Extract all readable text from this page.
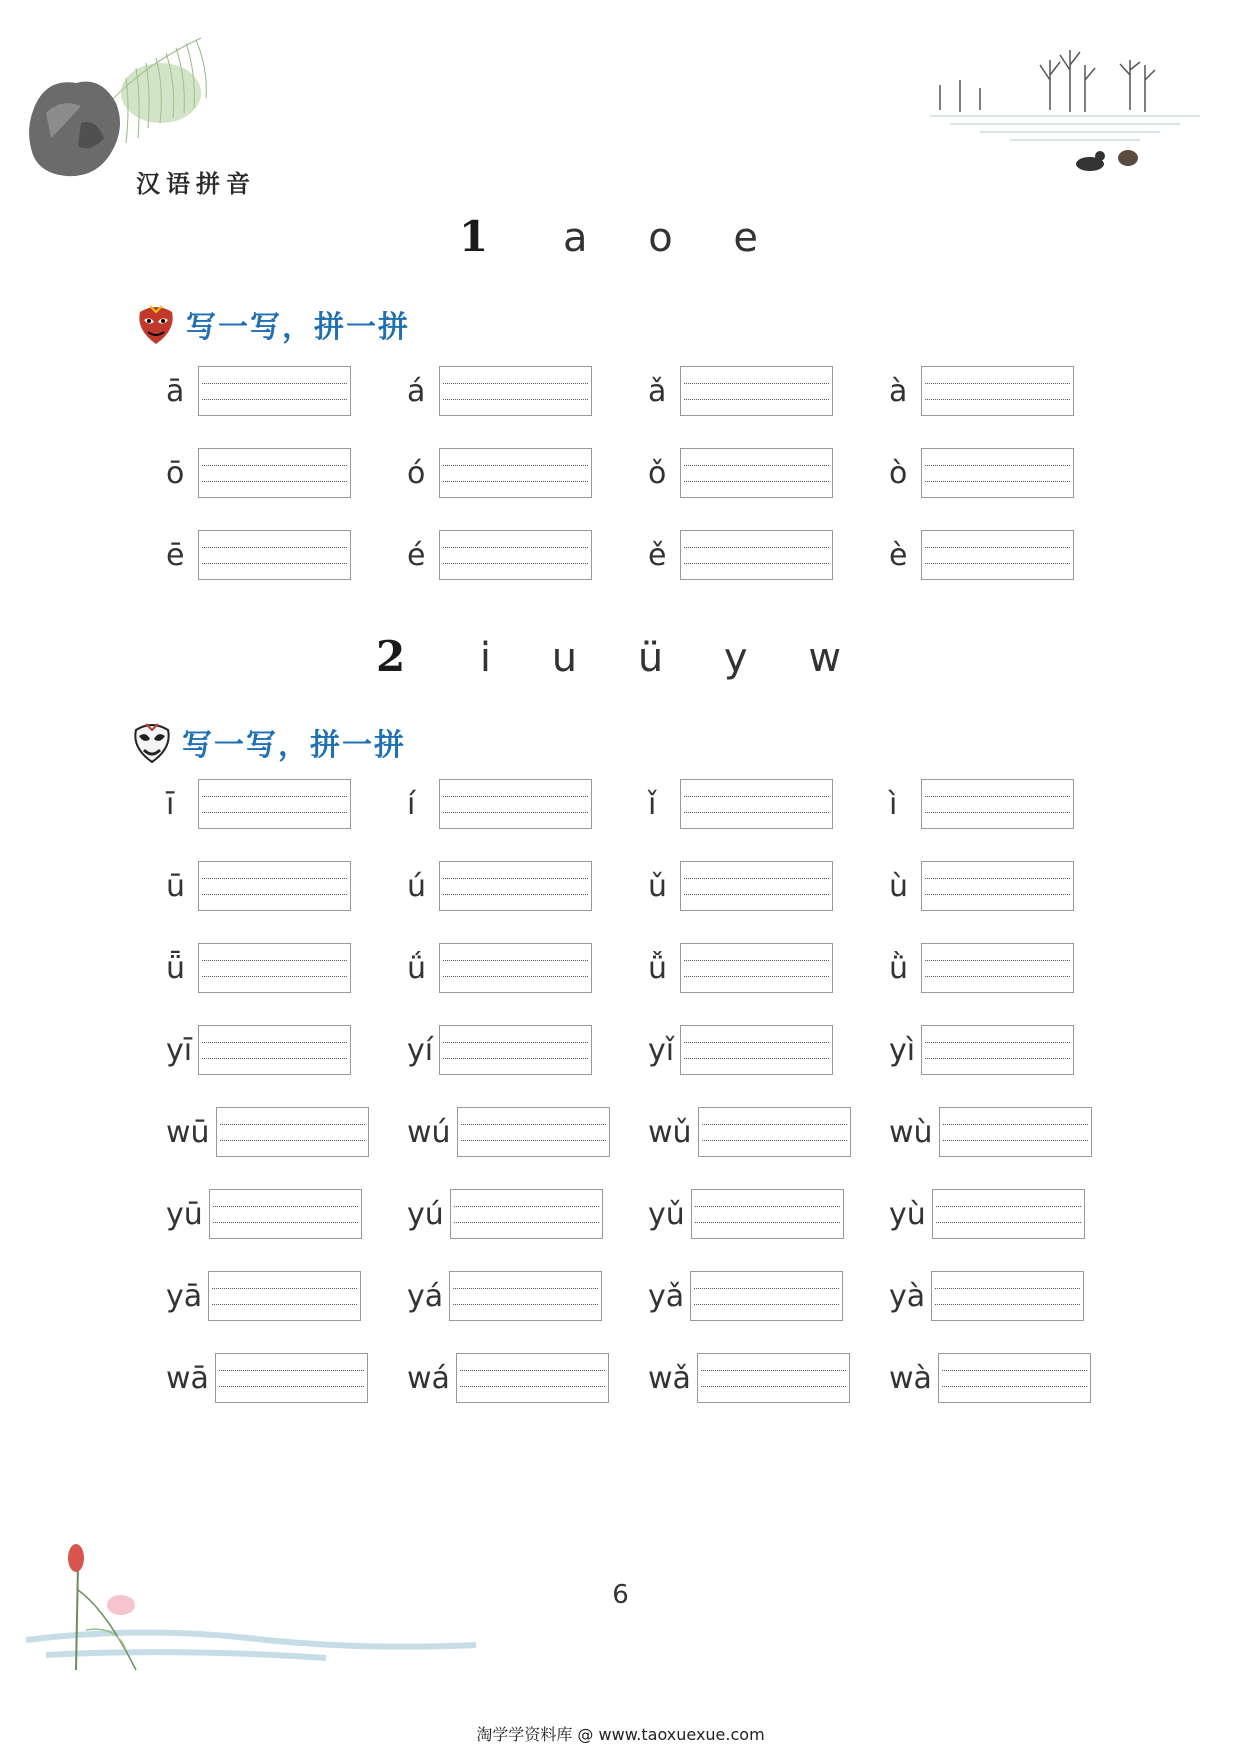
汉语拼音
1 a o e
写一写，拼一拼
ā	á	ǎ	à
ō	ó	ǒ	ò
ē	é	ě	è
2 i u ü y w
写一写，拼一拼
ī	í	ǐ	ì
ū	ú	ǔ	ù
ǖ	ǘ	ǚ	ǜ
yī	yí	yǐ	yì
wū	wú	wǔ	wù
yū	yú	yǔ	yù
yā	yá	yǎ	yà
wā	wá	wǎ	wà
6
淘学学资料库 @ www.taoxuexue.com
